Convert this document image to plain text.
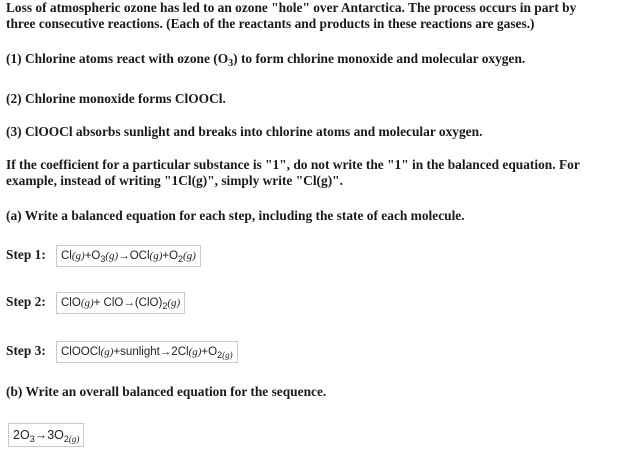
Loss of atmospheric ozone has led to an ozone "hole" over Antarctica. The process occurs in part by

three consecutive reactions. (Each of the reactants and products in these reactions are gases.)

(1) Chlorine atoms react with ozone $(O_3)$ to form chlorine monoxide and molecular oxygen.

(2) Chlorine monoxide forms ClOOCl.

(3) ClOOCl absorbs sunlight and breaks into chlorine atoms and molecular oxygen.

If the coefficient for a particular substance is "1", do not write the "1" in the balanced equation. For

example, instead of writing "1Cl(g)", simply write "Cl(g)".

(a) Write a balanced equation for each step, including the state of each molecule.

Step 1:	$Cl(g)+O_3(g)\to OCl(g)+O_2(g)$
Step 2:	$ClO(g)+ ClO\to(ClO)_2(g)$
Step 3:	$ClOOCl(g)+sunlight\to 2Cl(g)+O_{2(g)}$

(b) Write an overall balanced equation for the sequence.

$2O_3\to 3O_{2(g)}$
